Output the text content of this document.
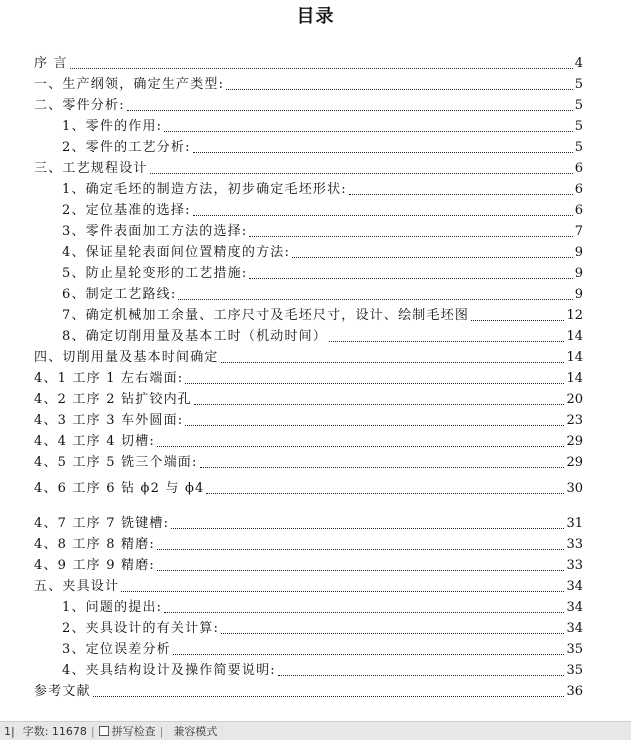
目录
序 言	4
一、生产纲领，确定生产类型:	5
二、零件分析:	5
1、零件的作用:	5
2、零件的工艺分析:	5
三、工艺规程设计	6
1、确定毛坯的制造方法，初步确定毛坯形状:	6
2、定位基准的选择:	6
3、零件表面加工方法的选择:	7
4、保证星轮表面间位置精度的方法:	9
5、防止星轮变形的工艺措施:	9
6、制定工艺路线:	9
7、确定机械加工余量、工序尺寸及毛坯尺寸，设计、绘制毛坯图	12
8、确定切削用量及基本工时（机动时间）	14
四、切削用量及基本时间确定	14
4、1 工序 1 左右端面:	14
4、2 工序 2 钻扩铰内孔	20
4、3 工序 3 车外圆面:	23
4、4 工序 4 切槽:	29
4、5 工序 5 铣三个端面:	29
4、6 工序 6 钻 ϕ2 与 ϕ4	30
4、7 工序 7 铣键槽:	31
4、8 工序 8 精磨:	33
4、9 工序 9 精磨:	33
五、夹具设计	34
1、问题的提出:	34
2、夹具设计的有关计算:	34
3、定位误差分析	35
4、夹具结构设计及操作简要说明:	35
参考文献	36
1| 字数: 11678 |	拼写检查 | 兼容模式
